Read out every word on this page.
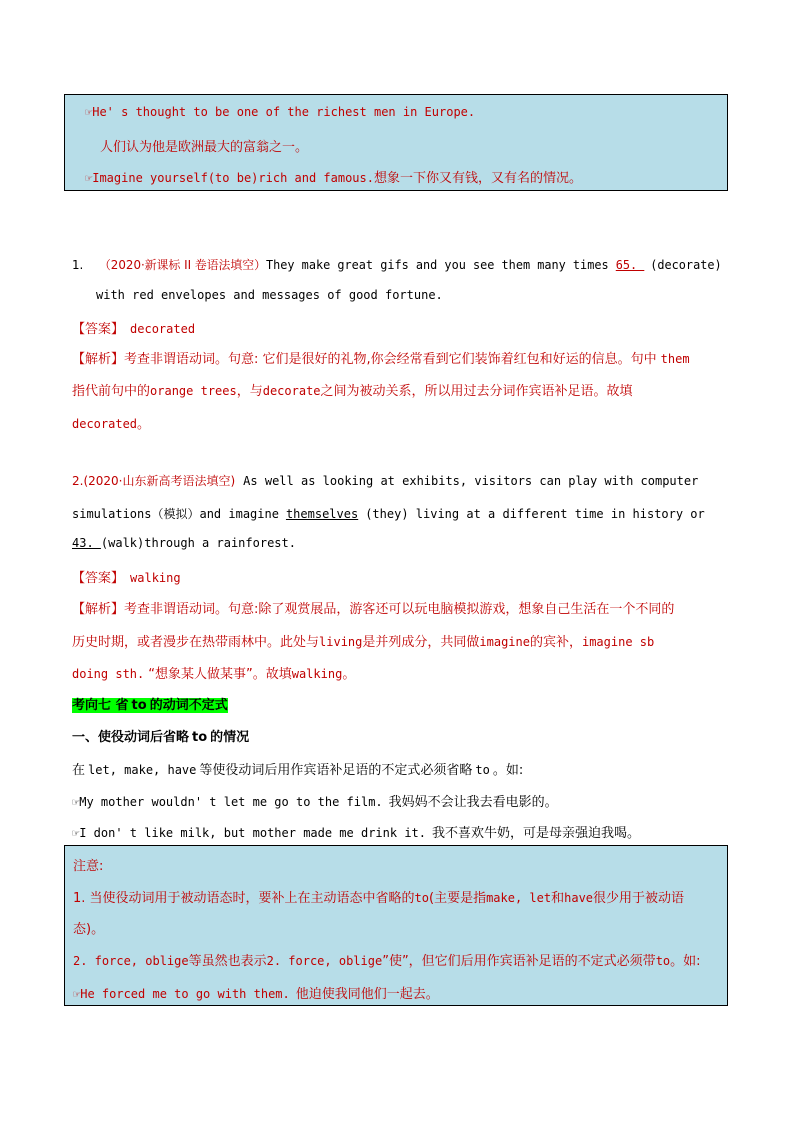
☞He' s thought to be one of the richest men in Europe.
人们认为他是欧洲最大的富翁之一。
☞Imagine yourself(to be)rich and famous.想象一下你又有钱，又有名的情况。
1. （2020·新课标 II 卷语法填空）They make great gifs and you see them many times 65. (decorate)
with red envelopes and messages of good fortune.
【答案】 decorated
【解析】考查非谓语动词。句意: 它们是很好的礼物,你会经常看到它们装饰着红包和好运的信息。句中 them
指代前句中的orange trees，与decorate之间为被动关系，所以用过去分词作宾语补足语。故填
decorated。
2.(2020·山东新高考语法填空) As well as looking at exhibits, visitors can play with computer
simulations（模拟）and imagine themselves (they) living at a different time in history or
43. (walk)through a rainforest.
【答案】 walking
【解析】考查非谓语动词。句意:除了观赏展品，游客还可以玩电脑模拟游戏，想象自己生活在一个不同的
历史时期，或者漫步在热带雨林中。此处与living是并列成分，共同做imagine的宾补，imagine sb
doing sth. “想象某人做某事”。故填walking。
考向七 省 to 的动词不定式
一、使役动词后省略 to 的情况
在 let, make, have 等使役动词后用作宾语补足语的不定式必须省略 to 。如:
☞My mother wouldn' t let me go to the film. 我妈妈不会让我去看电影的。
☞I don' t like milk, but mother made me drink it. 我不喜欢牛奶，可是母亲强迫我喝。
注意:
1. 当使役动词用于被动语态时，要补上在主动语态中省略的to(主要是指make, let和have很少用于被动语
态)。
2. force, oblige等虽然也表示2. force, oblige”使”，但它们后用作宾语补足语的不定式必须带to。如:
☞He forced me to go with them. 他迫使我同他们一起去。
